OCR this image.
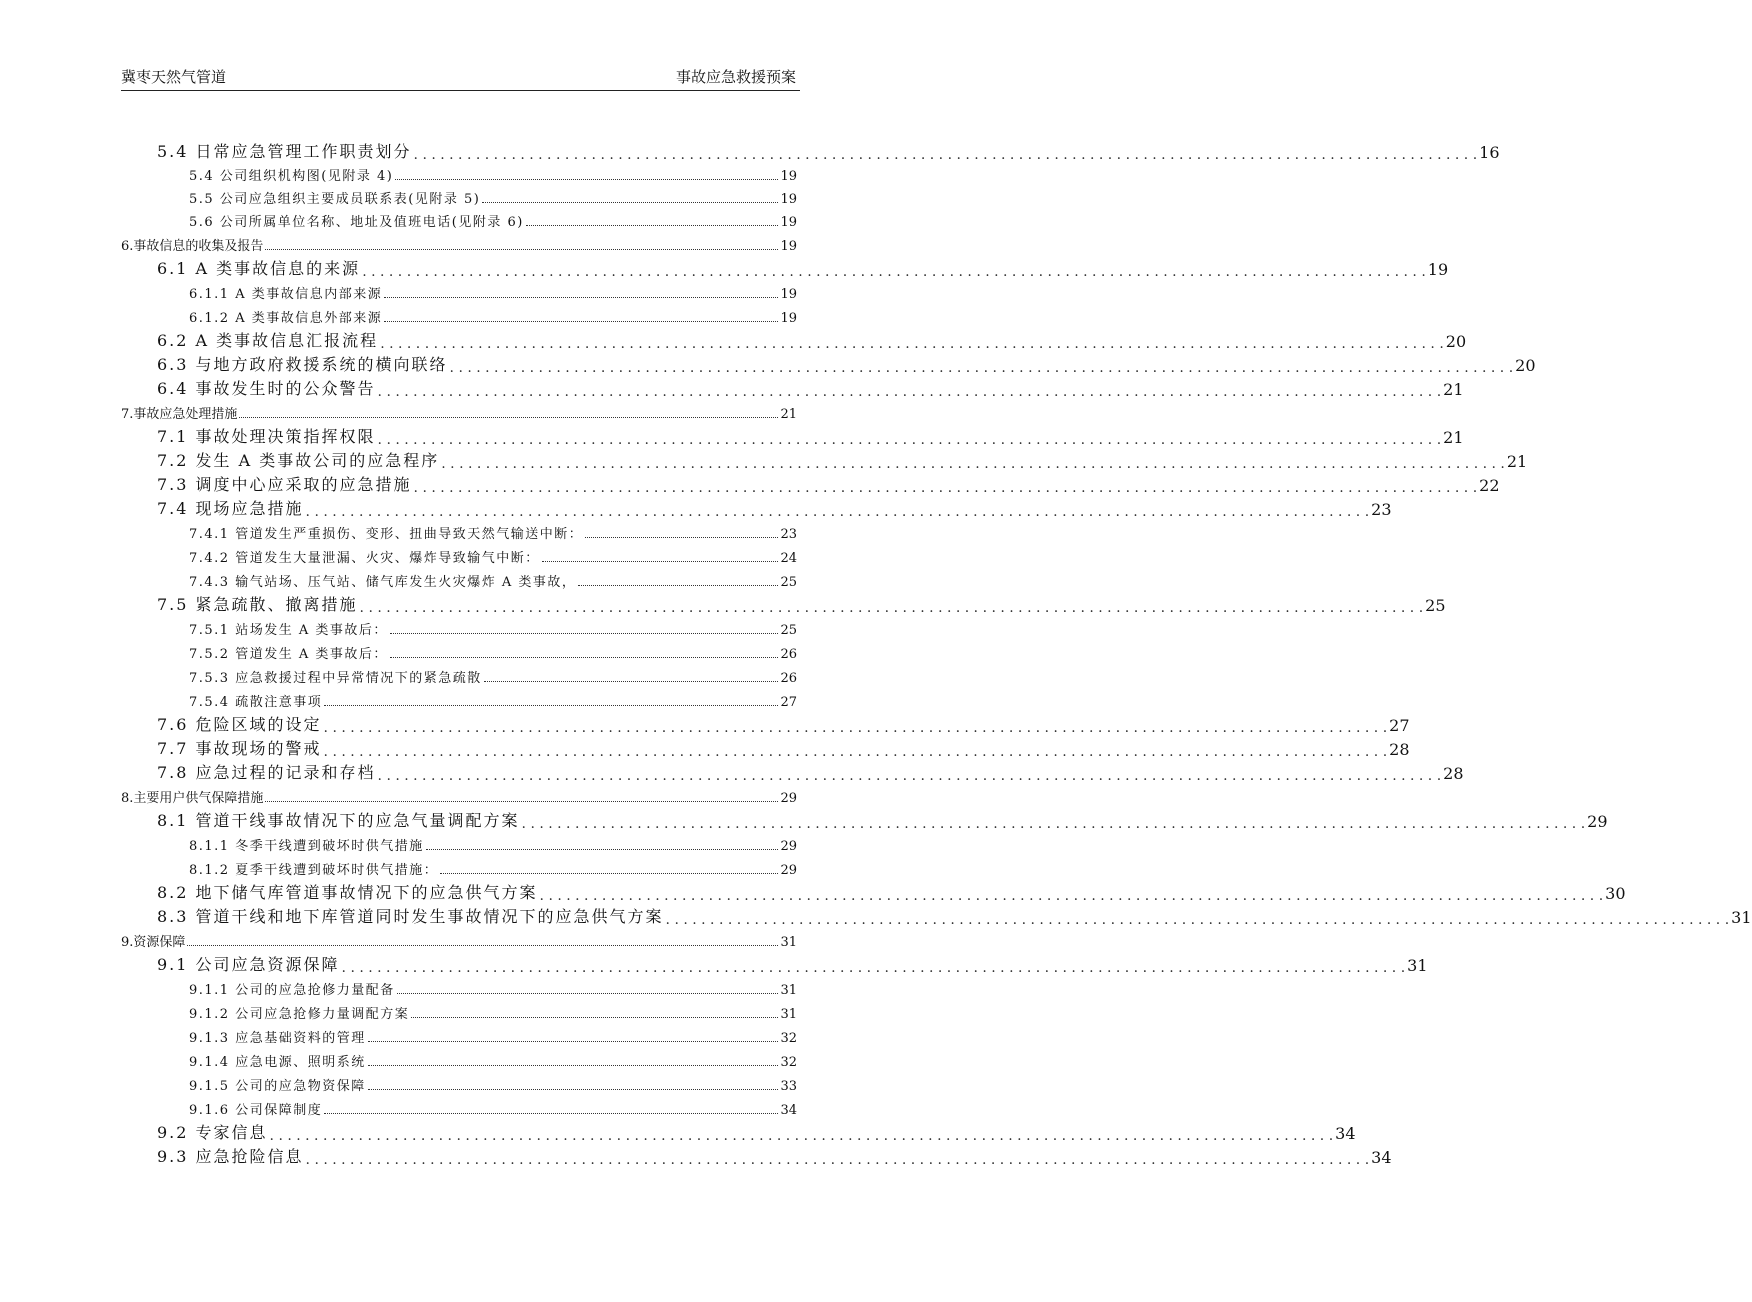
冀枣天然气管道	事故应急救援预案
5.4 日常应急管理工作职责划分 . . . . . . . . . . . . . . . . . . . . . . . . . . . . . . . . . . . . . . . . . . . . . . . . . . . . . . . . . . . . . . . . . . . . . . . . . . . . . . . . . . . . . . . . . . . . . . . . . . . . . . . . . . . . . . . . . . . . . . . . 16
5.4 公司组织机构图(见附录 4)	19
5.5 公司应急组织主要成员联系表(见附录 5)	19
5.6 公司所属单位名称、地址及值班电话(见附录 6)	19
6.事故信息的收集及报告	19
6.1 A 类事故信息的来源 . . . . . . . . . . . . . . . . . . . . . . . . . . . . . . . . . . . . . . . . . . . . . . . . . . . . . . . . . . . . . . . . . . . . . . . . . . . . . . . . . . . . . . . . . . . . . . . . . . . . . . . . . . . . . . . . . . . . . . . . 19
6.1.1 A 类事故信息内部来源	19
6.1.2 A 类事故信息外部来源	19
6.2 A 类事故信息汇报流程 . . . . . . . . . . . . . . . . . . . . . . . . . . . . . . . . . . . . . . . . . . . . . . . . . . . . . . . . . . . . . . . . . . . . . . . . . . . . . . . . . . . . . . . . . . . . . . . . . . . . . . . . . . . . . . . . . . . . . . . . 20
6.3 与地方政府救援系统的横向联络 . . . . . . . . . . . . . . . . . . . . . . . . . . . . . . . . . . . . . . . . . . . . . . . . . . . . . . . . . . . . . . . . . . . . . . . . . . . . . . . . . . . . . . . . . . . . . . . . . . . . . . . . . . . . . . . . . . . . . . . . 20
6.4 事故发生时的公众警告 . . . . . . . . . . . . . . . . . . . . . . . . . . . . . . . . . . . . . . . . . . . . . . . . . . . . . . . . . . . . . . . . . . . . . . . . . . . . . . . . . . . . . . . . . . . . . . . . . . . . . . . . . . . . . . . . . . . . . . . . 21
7.事故应急处理措施	21
7.1 事故处理决策指挥权限 . . . . . . . . . . . . . . . . . . . . . . . . . . . . . . . . . . . . . . . . . . . . . . . . . . . . . . . . . . . . . . . . . . . . . . . . . . . . . . . . . . . . . . . . . . . . . . . . . . . . . . . . . . . . . . . . . . . . . . . . 21
7.2 发生 A 类事故公司的应急程序 . . . . . . . . . . . . . . . . . . . . . . . . . . . . . . . . . . . . . . . . . . . . . . . . . . . . . . . . . . . . . . . . . . . . . . . . . . . . . . . . . . . . . . . . . . . . . . . . . . . . . . . . . . . . . . . . . . . . . . . . 21
7.3 调度中心应采取的应急措施 . . . . . . . . . . . . . . . . . . . . . . . . . . . . . . . . . . . . . . . . . . . . . . . . . . . . . . . . . . . . . . . . . . . . . . . . . . . . . . . . . . . . . . . . . . . . . . . . . . . . . . . . . . . . . . . . . . . . . . . . 22
7.4 现场应急措施 . . . . . . . . . . . . . . . . . . . . . . . . . . . . . . . . . . . . . . . . . . . . . . . . . . . . . . . . . . . . . . . . . . . . . . . . . . . . . . . . . . . . . . . . . . . . . . . . . . . . . . . . . . . . . . . . . . . . . . . . 23
7.4.1 管道发生严重损伤、变形、扭曲导致天然气输送中断：	23
7.4.2 管道发生大量泄漏、火灾、爆炸导致输气中断：	24
7.4.3 输气站场、压气站、储气库发生火灾爆炸 A 类事故，	25
7.5 紧急疏散、撤离措施 . . . . . . . . . . . . . . . . . . . . . . . . . . . . . . . . . . . . . . . . . . . . . . . . . . . . . . . . . . . . . . . . . . . . . . . . . . . . . . . . . . . . . . . . . . . . . . . . . . . . . . . . . . . . . . . . . . . . . . . . 25
7.5.1 站场发生 A 类事故后：	25
7.5.2 管道发生 A 类事故后：	26
7.5.3 应急救援过程中异常情况下的紧急疏散	26
7.5.4 疏散注意事项	27
7.6 危险区域的设定 . . . . . . . . . . . . . . . . . . . . . . . . . . . . . . . . . . . . . . . . . . . . . . . . . . . . . . . . . . . . . . . . . . . . . . . . . . . . . . . . . . . . . . . . . . . . . . . . . . . . . . . . . . . . . . . . . . . . . . . . 27
7.7 事故现场的警戒 . . . . . . . . . . . . . . . . . . . . . . . . . . . . . . . . . . . . . . . . . . . . . . . . . . . . . . . . . . . . . . . . . . . . . . . . . . . . . . . . . . . . . . . . . . . . . . . . . . . . . . . . . . . . . . . . . . . . . . . . 28
7.8 应急过程的记录和存档 . . . . . . . . . . . . . . . . . . . . . . . . . . . . . . . . . . . . . . . . . . . . . . . . . . . . . . . . . . . . . . . . . . . . . . . . . . . . . . . . . . . . . . . . . . . . . . . . . . . . . . . . . . . . . . . . . . . . . . . . 28
8.主要用户供气保障措施	29
8.1 管道干线事故情况下的应急气量调配方案 . . . . . . . . . . . . . . . . . . . . . . . . . . . . . . . . . . . . . . . . . . . . . . . . . . . . . . . . . . . . . . . . . . . . . . . . . . . . . . . . . . . . . . . . . . . . . . . . . . . . . . . . . . . . . . . . . . . . . . . . 29
8.1.1 冬季干线遭到破坏时供气措施	29
8.1.2 夏季干线遭到破坏时供气措施：	29
8.2 地下储气库管道事故情况下的应急供气方案 . . . . . . . . . . . . . . . . . . . . . . . . . . . . . . . . . . . . . . . . . . . . . . . . . . . . . . . . . . . . . . . . . . . . . . . . . . . . . . . . . . . . . . . . . . . . . . . . . . . . . . . . . . . . . . . . . . . . . . . . 30
8.3 管道干线和地下库管道同时发生事故情况下的应急供气方案 . . . . . . . . . . . . . . . . . . . . . . . . . . . . . . . . . . . . . . . . . . . . . . . . . . . . . . . . . . . . . . . . . . . . . . . . . . . . . . . . . . . . . . . . . . . . . . . . . . . . . . . . . . . . . . . . . . . . . . . . 31
9.资源保障	31
9.1 公司应急资源保障 . . . . . . . . . . . . . . . . . . . . . . . . . . . . . . . . . . . . . . . . . . . . . . . . . . . . . . . . . . . . . . . . . . . . . . . . . . . . . . . . . . . . . . . . . . . . . . . . . . . . . . . . . . . . . . . . . . . . . . . . 31
9.1.1 公司的应急抢修力量配备	31
9.1.2 公司应急抢修力量调配方案	31
9.1.3 应急基础资料的管理	32
9.1.4 应急电源、照明系统	32
9.1.5 公司的应急物资保障	33
9.1.6 公司保障制度	34
9.2 专家信息 . . . . . . . . . . . . . . . . . . . . . . . . . . . . . . . . . . . . . . . . . . . . . . . . . . . . . . . . . . . . . . . . . . . . . . . . . . . . . . . . . . . . . . . . . . . . . . . . . . . . . . . . . . . . . . . . . . . . . . . . 34
9.3 应急抢险信息 . . . . . . . . . . . . . . . . . . . . . . . . . . . . . . . . . . . . . . . . . . . . . . . . . . . . . . . . . . . . . . . . . . . . . . . . . . . . . . . . . . . . . . . . . . . . . . . . . . . . . . . . . . . . . . . . . . . . . . . . 34
